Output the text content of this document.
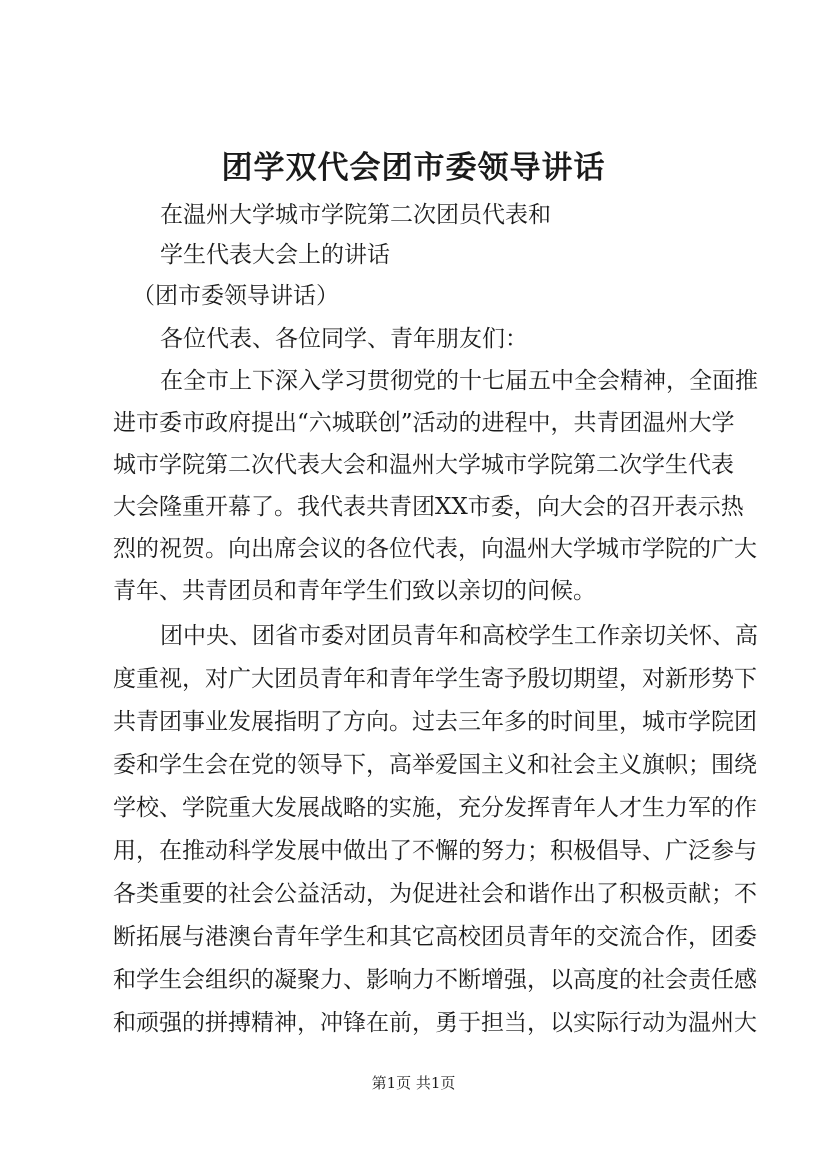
团学双代会团市委领导讲话
在温州大学城市学院第二次团员代表和
学生代表大会上的讲话
（团市委领导讲话）
各位代表、各位同学、青年朋友们：
在全市上下深入学习贯彻党的十七届五中全会精神，全面推
进市委市政府提出“六城联创”活动的进程中，共青团温州大学
城市学院第二次代表大会和温州大学城市学院第二次学生代表
大会隆重开幕了。我代表共青团XX市委，向大会的召开表示热
烈的祝贺。向出席会议的各位代表，向温州大学城市学院的广大
青年、共青团员和青年学生们致以亲切的问候。
团中央、团省市委对团员青年和高校学生工作亲切关怀、高
度重视，对广大团员青年和青年学生寄予殷切期望，对新形势下
共青团事业发展指明了方向。过去三年多的时间里，城市学院团
委和学生会在党的领导下，高举爱国主义和社会主义旗帜；围绕
学校、学院重大发展战略的实施，充分发挥青年人才生力军的作
用，在推动科学发展中做出了不懈的努力；积极倡导、广泛参与
各类重要的社会公益活动，为促进社会和谐作出了积极贡献；不
断拓展与港澳台青年学生和其它高校团员青年的交流合作，团委
和学生会组织的凝聚力、影响力不断增强，以高度的社会责任感
和顽强的拼搏精神，冲锋在前，勇于担当，以实际行动为温州大
第1页 共1页
